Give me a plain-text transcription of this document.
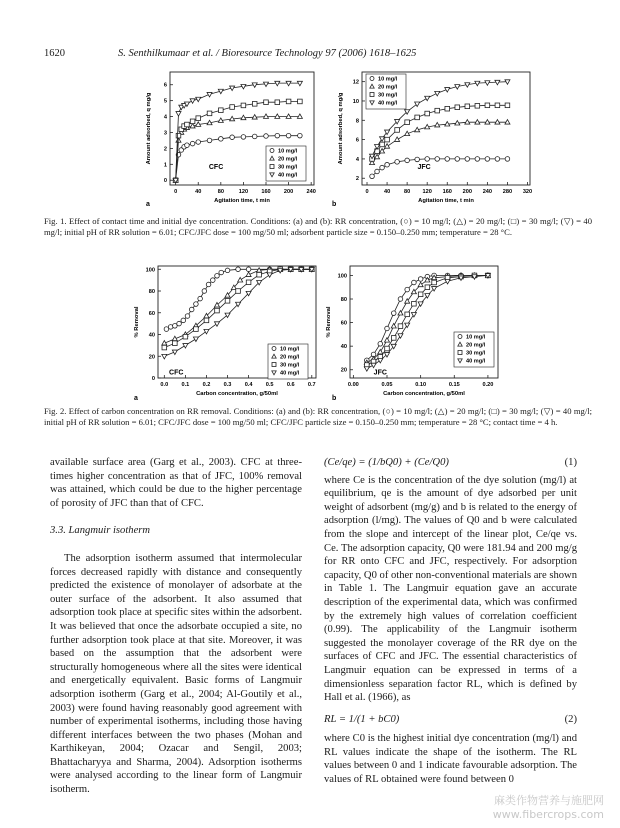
1620	S. Senthilkumaar et al. / Bioresource Technology 97 (2006) 1618–1625
0	40	80	120 160 200 240
0
1
2
3
4
5
6
Agitation time, t min
Amount adsorbed, q mg/g
a
CFC
10 mg/l
20 mg/l
30 mg/l
40 mg/l
0	40 80 120 160 200 240 280 320
2
4
6
8
10
12
Agitation time, t min
Amount adsorbed, q mg/g
b
JFC
10 mg/l
20 mg/l
30 mg/l
40 mg/l
Fig. 1. Effect of contact time and initial dye concentration. Conditions: (a) and (b): RR concentration, (○) = 10 mg/l; (△) = 20 mg/l; (□) = 30 mg/l; (▽) = 40 mg/l; initial pH of RR solution = 6.01; CFC/JFC dose = 100 mg/50 ml; adsorbent particle size = 0.150–0.250 mm; temperature = 28 °C.
0.0 0.1 0.2 0.3 0.4 0.5 0.6 0.7
0
20
40
60
80
100
Carbon concentration, g/50ml
% Removal
a
CFC
10 mg/l
20 mg/l
30 mg/l
40 mg/l
0.00	0.05	0.10	0.15	0.20
20
40
60
80
100
Carbon concentration, g/50ml
% Removal
b
JFC
10 mg/l
20 mg/l
30 mg/l
40 mg/l
Fig. 2. Effect of carbon concentration on RR removal. Conditions: (a) and (b): RR concentration, (○) = 10 mg/l; (△) = 20 mg/l; (□) = 30 mg/l; (▽) = 40 mg/l; initial pH of RR solution = 6.01; CFC/JFC dose = 100 mg/50 ml; CFC/JFC particle size = 0.150–0.250 mm; temperature = 28 °C; contact time = 4 h.

available surface area (Garg et al., 2003). CFC at three-times higher concentration as that of JFC, 100% removal was attained, which could be due to the higher percentage of porosity of JFC than that of CFC.

3.3. Langmuir isotherm

The adsorption isotherm assumed that intermolecular forces decreased rapidly with distance and consequently predicted the existence of monolayer of adsorbate at the outer surface of the adsorbent. It also assumed that adsorption took place at specific sites within the adsorbent. It was believed that once the adsorbate occupied a site, no further adsorption took place at that site. Moreover, it was based on the assumption that the adsorbent were structurally homogeneous where all the sites were identical and energetically equivalent. Basic forms of Langmuir adsorption isotherm (Garg et al., 2004; Al-Goutily et al., 2003) were found having reasonably good agreement with number of experimental isotherms, including those having different interfaces between the two phases (Mohan and Karthikeyan, 2004; Ozacar and Sengil, 2003; Bhattacharyya and Sharma, 2004). Adsorption isotherms were analysed according to the linear form of Langmuir isotherm.

(Ce/qe) = (1/bQ0) + (Ce/Q0)	(1)

where Ce is the concentration of the dye solution (mg/l) at equilibrium, qe is the amount of dye adsorbed per unit weight of adsorbent (mg/g) and b is related to the energy of adsorption (l/mg). The values of Q0 and b were calculated from the slope and intercept of the linear plot, Ce/qe vs. Ce. The adsorption capacity, Q0 were 181.94 and 200 mg/g for RR onto CFC and JFC, respectively. For adsorption capacity, Q0 of other non-conventional materials are shown in Table 1. The Langmuir equation gave an accurate description of the experimental data, which was confirmed by the extremely high values of correlation coefficient (0.99). The applicability of the Langmuir isotherm suggested the monolayer coverage of the RR dye on the surfaces of CFC and JFC. The essential characteristics of Langmuir equation can be expressed in terms of a dimensionless separation factor RL, which is defined by Hall et al. (1966), as

RL = 1/(1 + bC0)	(2)

where C0 is the highest initial dye concentration (mg/l) and RL values indicate the shape of the isotherm. The RL values between 0 and 1 indicate favourable adsorption. The values of RL obtained were found between 0

麻类作物营养与施肥网
www.fibercrops.com
